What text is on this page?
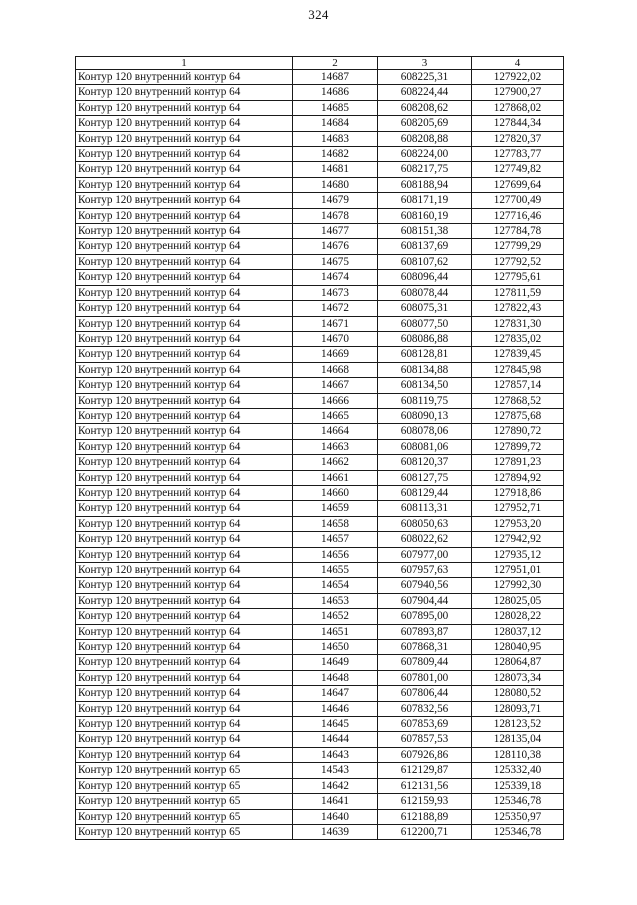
324
1	2	3	4
Контур 120 внутренний контур 64	14687	608225,31	127922,02
Контур 120 внутренний контур 64	14686	608224,44	127900,27
Контур 120 внутренний контур 64	14685	608208,62	127868,02
Контур 120 внутренний контур 64	14684	608205,69	127844,34
Контур 120 внутренний контур 64	14683	608208,88	127820,37
Контур 120 внутренний контур 64	14682	608224,00	127783,77
Контур 120 внутренний контур 64	14681	608217,75	127749,82
Контур 120 внутренний контур 64	14680	608188,94	127699,64
Контур 120 внутренний контур 64	14679	608171,19	127700,49
Контур 120 внутренний контур 64	14678	608160,19	127716,46
Контур 120 внутренний контур 64	14677	608151,38	127784,78
Контур 120 внутренний контур 64	14676	608137,69	127799,29
Контур 120 внутренний контур 64	14675	608107,62	127792,52
Контур 120 внутренний контур 64	14674	608096,44	127795,61
Контур 120 внутренний контур 64	14673	608078,44	127811,59
Контур 120 внутренний контур 64	14672	608075,31	127822,43
Контур 120 внутренний контур 64	14671	608077,50	127831,30
Контур 120 внутренний контур 64	14670	608086,88	127835,02
Контур 120 внутренний контур 64	14669	608128,81	127839,45
Контур 120 внутренний контур 64	14668	608134,88	127845,98
Контур 120 внутренний контур 64	14667	608134,50	127857,14
Контур 120 внутренний контур 64	14666	608119,75	127868,52
Контур 120 внутренний контур 64	14665	608090,13	127875,68
Контур 120 внутренний контур 64	14664	608078,06	127890,72
Контур 120 внутренний контур 64	14663	608081,06	127899,72
Контур 120 внутренний контур 64	14662	608120,37	127891,23
Контур 120 внутренний контур 64	14661	608127,75	127894,92
Контур 120 внутренний контур 64	14660	608129,44	127918,86
Контур 120 внутренний контур 64	14659	608113,31	127952,71
Контур 120 внутренний контур 64	14658	608050,63	127953,20
Контур 120 внутренний контур 64	14657	608022,62	127942,92
Контур 120 внутренний контур 64	14656	607977,00	127935,12
Контур 120 внутренний контур 64	14655	607957,63	127951,01
Контур 120 внутренний контур 64	14654	607940,56	127992,30
Контур 120 внутренний контур 64	14653	607904,44	128025,05
Контур 120 внутренний контур 64	14652	607895,00	128028,22
Контур 120 внутренний контур 64	14651	607893,87	128037,12
Контур 120 внутренний контур 64	14650	607868,31	128040,95
Контур 120 внутренний контур 64	14649	607809,44	128064,87
Контур 120 внутренний контур 64	14648	607801,00	128073,34
Контур 120 внутренний контур 64	14647	607806,44	128080,52
Контур 120 внутренний контур 64	14646	607832,56	128093,71
Контур 120 внутренний контур 64	14645	607853,69	128123,52
Контур 120 внутренний контур 64	14644	607857,53	128135,04
Контур 120 внутренний контур 64	14643	607926,86	128110,38
Контур 120 внутренний контур 65	14543	612129,87	125332,40
Контур 120 внутренний контур 65	14642	612131,56	125339,18
Контур 120 внутренний контур 65	14641	612159,93	125346,78
Контур 120 внутренний контур 65	14640	612188,89	125350,97
Контур 120 внутренний контур 65	14639	612200,71	125346,78
